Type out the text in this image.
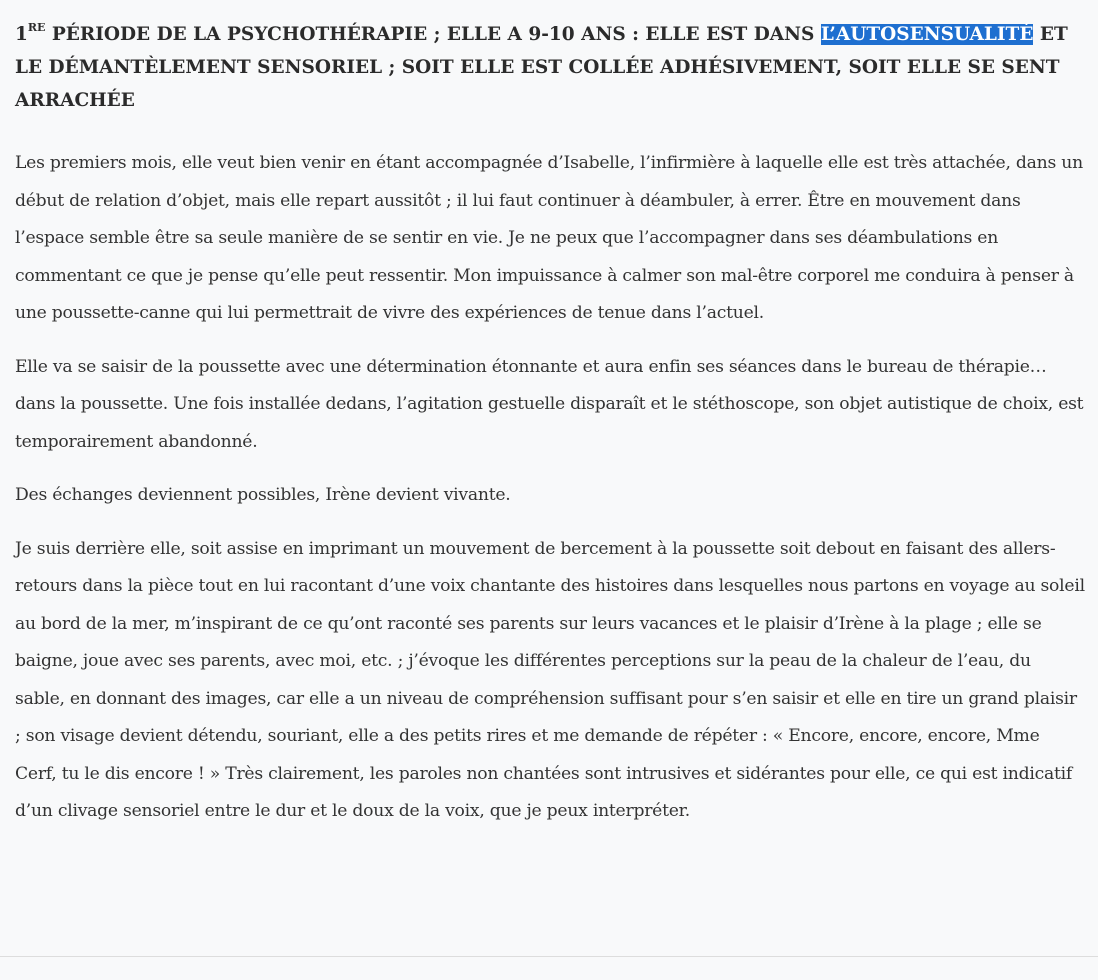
1RE PÉRIODE DE LA PSYCHOTHÉRAPIE ; ELLE A 9-10 ANS : ELLE EST DANS L’AUTOSENSUALITÉ ET LE DÉMANTÈLEMENT SENSORIEL ; SOIT ELLE EST COLLÉE ADHÉSIVEMENT, SOIT ELLE SE SENT ARRACHÉE

Les premiers mois, elle veut bien venir en étant accompagnée d’Isabelle, l’infirmière à laquelle elle est très attachée, dans un début de relation d’objet, mais elle repart aussitôt ; il lui faut continuer à déambuler, à errer. Être en mouvement dans l’espace semble être sa seule manière de se sentir en vie. Je ne peux que l’accompagner dans ses déambulations en commentant ce que je pense qu’elle peut ressentir. Mon impuissance à calmer son mal-être corporel me conduira à penser à une poussette-canne qui lui permettrait de vivre des expériences de tenue dans l’actuel.

Elle va se saisir de la poussette avec une détermination étonnante et aura enfin ses séances dans le bureau de thérapie… dans la poussette. Une fois installée dedans, l’agitation gestuelle disparaît et le stéthoscope, son objet autistique de choix, est temporairement abandonné.

Des échanges deviennent possibles, Irène devient vivante.

Je suis derrière elle, soit assise en imprimant un mouvement de bercement à la poussette soit debout en faisant des allers-retours dans la pièce tout en lui racontant d’une voix chantante des histoires dans lesquelles nous partons en voyage au soleil au bord de la mer, m’inspirant de ce qu’ont raconté ses parents sur leurs vacances et le plaisir d’Irène à la plage ; elle se baigne, joue avec ses parents, avec moi, etc. ; j’évoque les différentes perceptions sur la peau de la chaleur de l’eau, du sable, en donnant des images, car elle a un niveau de compréhension suffisant pour s’en saisir et elle en tire un grand plaisir ; son visage devient détendu, souriant, elle a des petits rires et me demande de répéter : « Encore, encore, encore, Mme Cerf, tu le dis encore ! » Très clairement, les paroles non chantées sont intrusives et sidérantes pour elle, ce qui est indicatif d’un clivage sensoriel entre le dur et le doux de la voix, que je peux interpréter.
